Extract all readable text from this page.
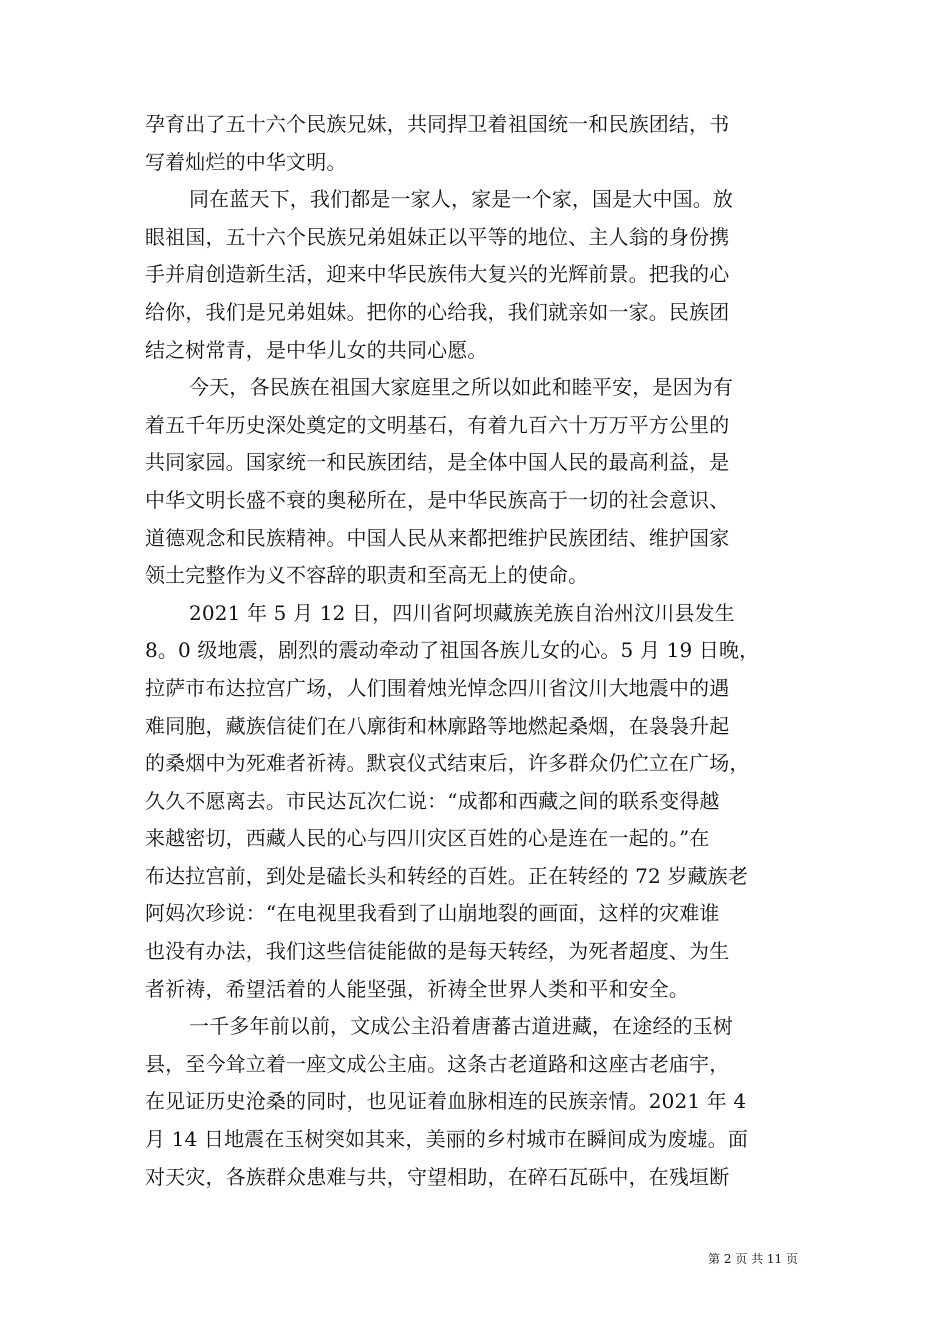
孕育出了五十六个民族兄妹，共同捍卫着祖国统一和民族团结，书
写着灿烂的中华文明。
同在蓝天下，我们都是一家人，家是一个家，国是大中国。放
眼祖国，五十六个民族兄弟姐妹正以平等的地位、主人翁的身份携
手并肩创造新生活，迎来中华民族伟大复兴的光辉前景。把我的心
给你，我们是兄弟姐妹。把你的心给我，我们就亲如一家。民族团
结之树常青，是中华儿女的共同心愿。
今天，各民族在祖国大家庭里之所以如此和睦平安，是因为有
着五千年历史深处奠定的文明基石，有着九百六十万万平方公里的
共同家园。国家统一和民族团结，是全体中国人民的最高利益，是
中华文明长盛不衰的奥秘所在，是中华民族高于一切的社会意识、
道德观念和民族精神。中国人民从来都把维护民族团结、维护国家
领土完整作为义不容辞的职责和至高无上的使命。
2021 年 5 月 12 日，四川省阿坝藏族羌族自治州汶川县发生
8。0 级地震，剧烈的震动牵动了祖国各族儿女的心。5 月 19 日晚，
拉萨市布达拉宫广场，人们围着烛光悼念四川省汶川大地震中的遇
难同胞，藏族信徒们在八廓街和林廓路等地燃起桑烟，在袅袅升起
的桑烟中为死难者祈祷。默哀仪式结束后，许多群众仍伫立在广场，
久久不愿离去。市民达瓦次仁说：“成都和西藏之间的联系变得越
来越密切，西藏人民的心与四川灾区百姓的心是连在一起的。”在
布达拉宫前，到处是磕长头和转经的百姓。正在转经的 72 岁藏族老
阿妈次珍说：“在电视里我看到了山崩地裂的画面，这样的灾难谁
也没有办法，我们这些信徒能做的是每天转经，为死者超度、为生
者祈祷，希望活着的人能坚强，祈祷全世界人类和平和安全。
一千多年前以前，文成公主沿着唐蕃古道进藏，在途经的玉树
县，至今耸立着一座文成公主庙。这条古老道路和这座古老庙宇，
在见证历史沧桑的同时，也见证着血脉相连的民族亲情。2021 年 4
月 14 日地震在玉树突如其来，美丽的乡村城市在瞬间成为废墟。面
对天灾，各族群众患难与共，守望相助，在碎石瓦砾中，在残垣断
第 2 页 共 11 页
